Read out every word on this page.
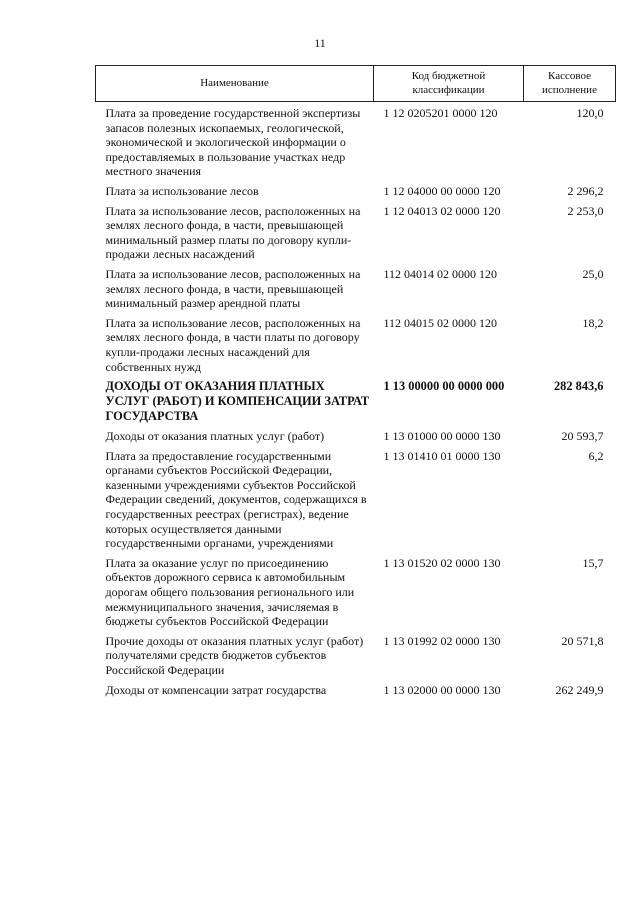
11
Наименование	Код бюджетной классификации	Кассовое исполнение
Плата за проведение государственной экспертизы запасов полезных ископаемых, геологической, экономической и экологической информации о предоставляемых в пользование участках недр местного значения	1 12 0205201 0000 120	120,0

Плата за использование лесов	1 12 04000 00 0000 120	2 296,2

Плата за использование лесов, расположенных на землях лесного фонда, в части, превышающей минимальный размер платы по договору купли-продажи лесных насаждений	1 12 04013 02 0000 120	2 253,0

Плата за использование лесов, расположенных на землях лесного фонда, в части, превышающей минимальный размер арендной платы	112 04014 02 0000 120	25,0

Плата за использование лесов, расположенных на землях лесного фонда, в части платы по договору купли-продажи лесных насаждений для собственных нужд	112 04015 02 0000 120	18,2

ДОХОДЫ ОТ ОКАЗАНИЯ ПЛАТНЫХ УСЛУГ (РАБОТ) И КОМПЕНСАЦИИ ЗАТРАТ ГОСУДАРСТВА	1 13 00000 00 0000 000	282 843,6

Доходы от оказания платных услуг (работ)	1 13 01000 00 0000 130	20 593,7

Плата за предоставление государственными органами субъектов Российской Федерации, казенными учреждениями субъектов Российской Федерации сведений, документов, содержащихся в государственных реестрах (регистрах), ведение которых осуществляется данными государственными органами, учреждениями	1 13 01410 01 0000 130	6,2

Плата за оказание услуг по присоединению объектов дорожного сервиса к автомобильным дорогам общего пользования регионального или межмуниципального значения, зачисляемая в бюджеты субъектов Российской Федерации	1 13 01520 02 0000 130	15,7

Прочие доходы от оказания платных услуг (работ) получателями средств бюджетов субъектов Российской Федерации	1 13 01992 02 0000 130	20 571,8

Доходы от компенсации затрат государства	1 13 02000 00 0000 130	262 249,9
